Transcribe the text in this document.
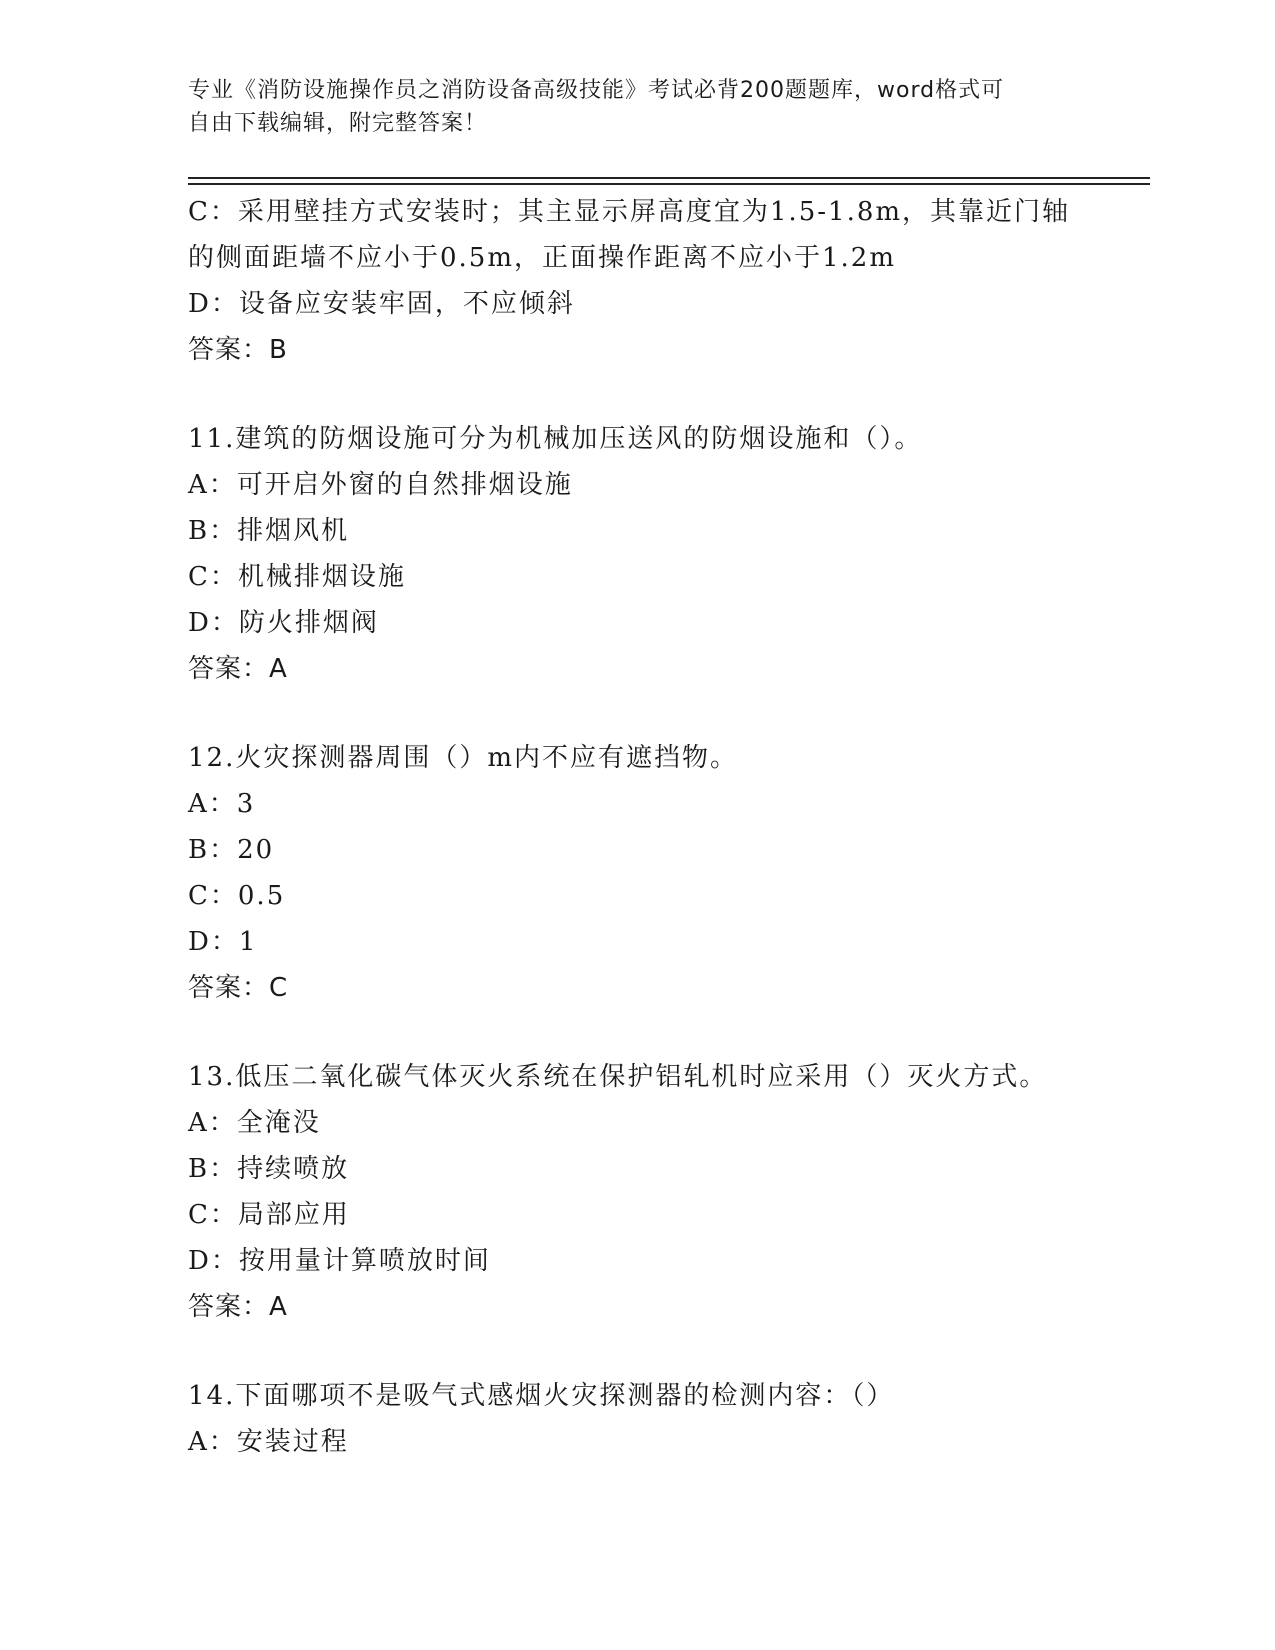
专业《消防设施操作员之消防设备高级技能》考试必背200题题库，word格式可
自由下载编辑，附完整答案！
C：采用壁挂方式安装时；其主显示屏高度宜为1.5-1.8m，其靠近门轴
的侧面距墙不应小于0.5m，正面操作距离不应小于1.2m
D：设备应安装牢固，不应倾斜
答案：B
11.建筑的防烟设施可分为机械加压送风的防烟设施和（）。
A：可开启外窗的自然排烟设施
B：排烟风机
C：机械排烟设施
D：防火排烟阀
答案：A
12.火灾探测器周围（）m内不应有遮挡物。
A：3
B：20
C：0.5
D：1
答案：C
13.低压二氧化碳气体灭火系统在保护铝轧机时应采用（）灭火方式。
A：全淹没
B：持续喷放
C：局部应用
D：按用量计算喷放时间
答案：A
14.下面哪项不是吸气式感烟火灾探测器的检测内容：（）
A：安装过程
